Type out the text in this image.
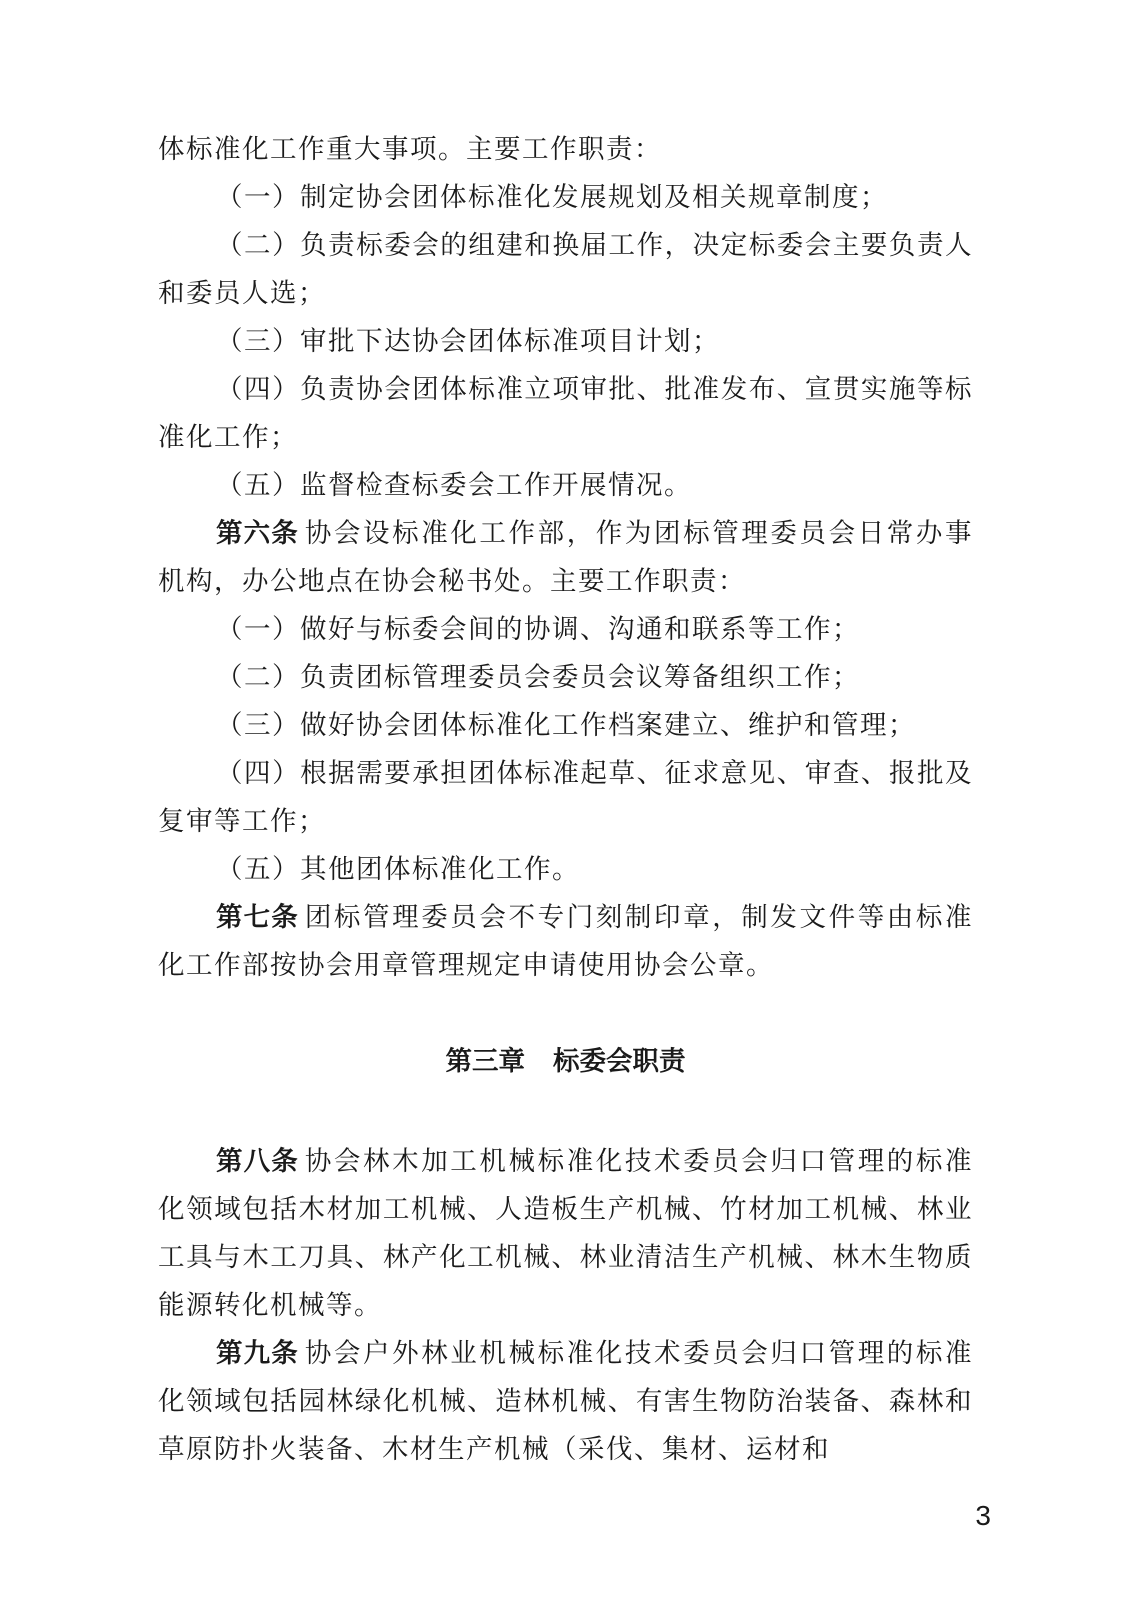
体标准化工作重大事项。主要工作职责：

（一）制定协会团体标准化发展规划及相关规章制度；

（二）负责标委会的组建和换届工作，决定标委会主要负责人和委员人选；

（三）审批下达协会团体标准项目计划；

（四）负责协会团体标准立项审批、批准发布、宣贯实施等标准化工作；

（五）监督检查标委会工作开展情况。

第六条 协会设标准化工作部，作为团标管理委员会日常办事机构，办公地点在协会秘书处。主要工作职责：

（一）做好与标委会间的协调、沟通和联系等工作；

（二）负责团标管理委员会委员会议筹备组织工作；

（三）做好协会团体标准化工作档案建立、维护和管理；

（四）根据需要承担团体标准起草、征求意见、审查、报批及复审等工作；

（五）其他团体标准化工作。

第七条 团标管理委员会不专门刻制印章，制发文件等由标准化工作部按协会用章管理规定申请使用协会公章。

第三章 标委会职责

第八条 协会林木加工机械标准化技术委员会归口管理的标准化领域包括木材加工机械、人造板生产机械、竹材加工机械、林业工具与木工刀具、林产化工机械、林业清洁生产机械、林木生物质能源转化机械等。

第九条 协会户外林业机械标准化技术委员会归口管理的标准化领域包括园林绿化机械、造林机械、有害生物防治装备、森林和草原防扑火装备、木材生产机械（采伐、集材、运材和

3
